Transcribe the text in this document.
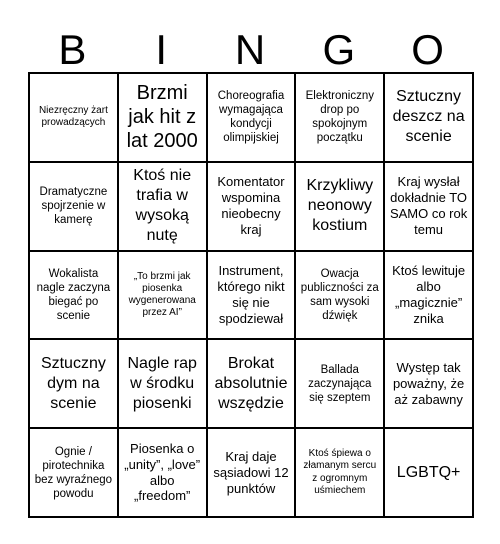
B	I	N	G	O
Niezręczny żart prowadzących
Brzmi jak hit z lat 2000
Choreografia wymagająca kondycji olimpijskiej
Elektroniczny drop po spokojnym początku
Sztuczny deszcz na scenie
Dramatyczne spojrzenie w kamerę
Ktoś nie trafia w wysoką nutę
Komentator wspomina nieobecny kraj
Krzykliwy neonowy kostium
Kraj wysłał dokładnie TO SAMO co rok temu
Wokalista nagle zaczyna biegać po scenie
„To brzmi jak piosenka wygenerowana przez AI”
Instrument, którego nikt się nie spodziewał
Owacja publiczności za sam wysoki dźwięk
Ktoś lewituje albo „magicznie” znika
Sztuczny dym na scenie
Nagle rap w środku piosenki
Brokat absolutnie wszędzie
Ballada zaczynająca się szeptem
Występ tak poważny, że aż zabawny
Ognie / pirotechnika bez wyraźnego powodu
Piosenka o „unity”, „love” albo „freedom”
Kraj daje sąsiadowi 12 punktów
Ktoś śpiewa o złamanym sercu z ogromnym uśmiechem
LGBTQ+
